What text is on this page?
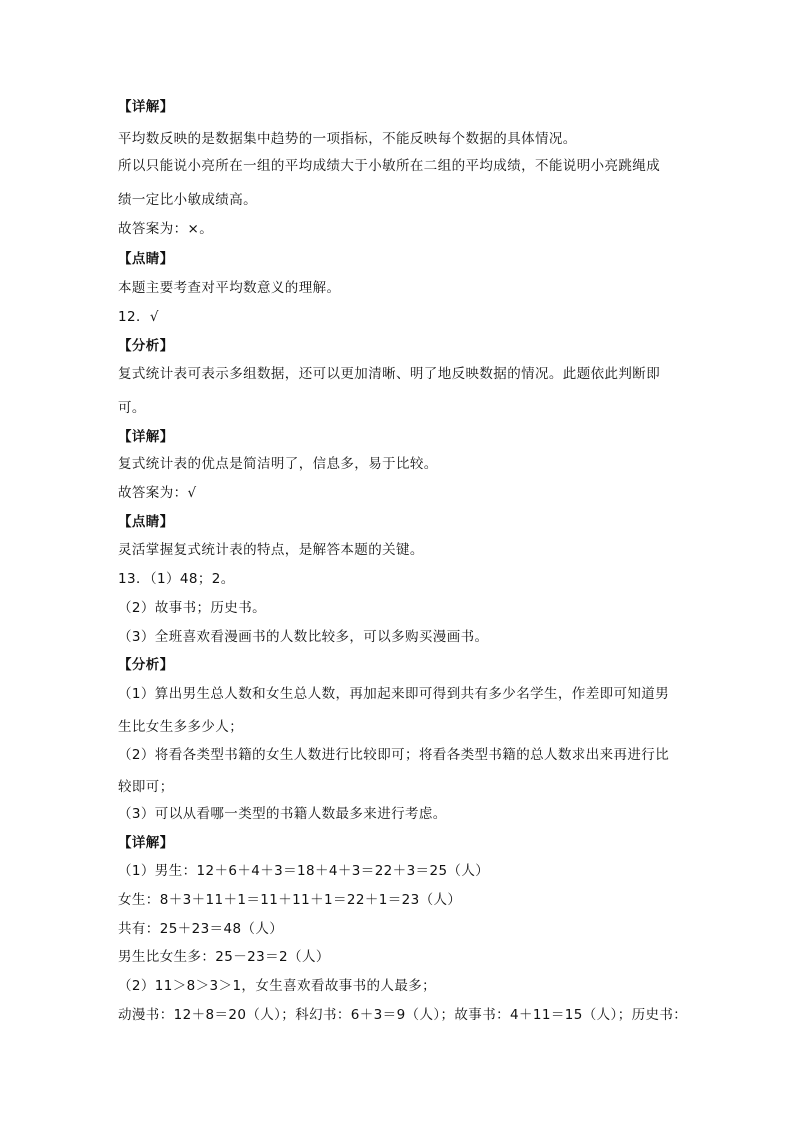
【详解】
平均数反映的是数据集中趋势的一项指标，不能反映每个数据的具体情况。
所以只能说小亮所在一组的平均成绩大于小敏所在二组的平均成绩，不能说明小亮跳绳成
绩一定比小敏成绩高。
故答案为：×。
【点睛】
本题主要考查对平均数意义的理解。
12．√
【分析】
复式统计表可表示多组数据，还可以更加清晰、明了地反映数据的情况。此题依此判断即
可。
【详解】
复式统计表的优点是简洁明了，信息多，易于比较。
故答案为：√
【点睛】
灵活掌握复式统计表的特点，是解答本题的关键。
13．（1）48；2。
（2）故事书；历史书。
（3）全班喜欢看漫画书的人数比较多，可以多购买漫画书。
【分析】
（1）算出男生总人数和女生总人数，再加起来即可得到共有多少名学生，作差即可知道男
生比女生多多少人；
（2）将看各类型书籍的女生人数进行比较即可；将看各类型书籍的总人数求出来再进行比
较即可；
（3）可以从看哪一类型的书籍人数最多来进行考虑。
【详解】
（1）男生：12＋6＋4＋3＝18＋4＋3＝22＋3＝25（人）
女生：8＋3＋11＋1＝11＋11＋1＝22＋1＝23（人）
共有：25＋23＝48（人）
男生比女生多：25－23＝2（人）
（2）11＞8＞3＞1，女生喜欢看故事书的人最多；
动漫书：12＋8＝20（人）；科幻书：6＋3＝9（人）；故事书：4＋11＝15（人）；历史书：
